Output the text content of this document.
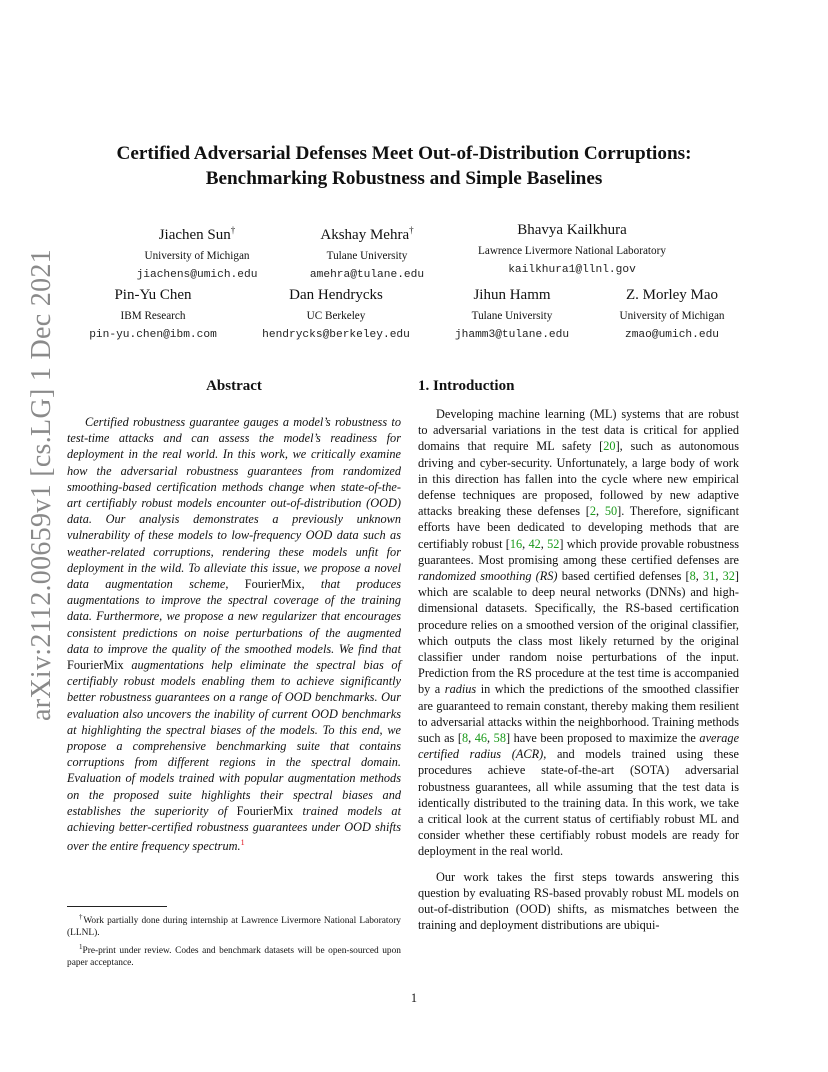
arXiv:2112.00659v1 [cs.LG] 1 Dec 2021
Certified Adversarial Defenses Meet Out-of-Distribution Corruptions:
Benchmarking Robustness and Simple Baselines
Jiachen Sun†
University of Michigan
jiachens@umich.edu
Akshay Mehra†
Tulane University
amehra@tulane.edu
Bhavya Kailkhura
Lawrence Livermore National Laboratory
kailkhura1@llnl.gov
Pin-Yu Chen
IBM Research
pin-yu.chen@ibm.com
Dan Hendrycks
UC Berkeley
hendrycks@berkeley.edu
Jihun Hamm
Tulane University
jhamm3@tulane.edu
Z. Morley Mao
University of Michigan
zmao@umich.edu
Abstract
Certified robustness guarantee gauges a model’s robustness to test-time attacks and can assess the model’s readiness for deployment in the real world. In this work, we critically examine how the adversarial robustness guarantees from randomized smoothing-based certification methods change when state-of-the-art certifiably robust models encounter out-of-distribution (OOD) data. Our analysis demonstrates a previously unknown vulnerability of these models to low-frequency OOD data such as weather-related corruptions, rendering these models unfit for deployment in the wild. To alleviate this issue, we propose a novel data augmentation scheme, FourierMix, that produces augmentations to improve the spectral coverage of the training data. Furthermore, we propose a new regularizer that encourages consistent predictions on noise perturbations of the augmented data to improve the quality of the smoothed models. We find that FourierMix augmentations help eliminate the spectral bias of certifiably robust models enabling them to achieve significantly better robustness guarantees on a range of OOD benchmarks. Our evaluation also uncovers the inability of current OOD benchmarks at highlighting the spectral biases of the models. To this end, we propose a comprehensive benchmarking suite that contains corruptions from different regions in the spectral domain. Evaluation of models trained with popular augmentation methods on the proposed suite highlights their spectral biases and establishes the superiority of FourierMix trained models at achieving better-certified robustness guarantees under OOD shifts over the entire frequency spectrum.$^1$
1. Introduction

Developing machine learning (ML) systems that are robust to adversarial variations in the test data is critical for applied domains that require ML safety [20], such as autonomous driving and cyber-security. Unfortunately, a large body of work in this direction has fallen into the cycle where new empirical defense techniques are proposed, followed by new adaptive attacks breaking these defenses [2, 50]. Therefore, significant efforts have been dedicated to developing methods that are certifiably robust [16, 42, 52] which provide provable robustness guarantees. Most promising among these certified defenses are randomized smoothing (RS) based certified defenses [8, 31, 32] which are scalable to deep neural networks (DNNs) and high-dimensional datasets. Specifically, the RS-based certification procedure relies on a smoothed version of the original classifier, which outputs the class most likely returned by the original classifier under random noise perturbations of the input. Prediction from the RS procedure at the test time is accompanied by a radius in which the predictions of the smoothed classifier are guaranteed to remain constant, thereby making them resilient to adversarial attacks within the neighborhood. Training methods such as [8, 46, 58] have been proposed to maximize the average certified radius (ACR), and models trained using these procedures achieve state-of-the-art (SOTA) adversarial robustness guarantees, all while assuming that the test data is identically distributed to the training data. In this work, we take a critical look at the current status of certifiably robust ML and consider whether these certifiably robust models are ready for deployment in the real world.

Our work takes the first steps towards answering this question by evaluating RS-based provably robust ML models on out-of-distribution (OOD) shifts, as mismatches between the training and deployment distributions are ubiqui-

†Work partially done during internship at Lawrence Livermore National Laboratory (LLNL).

$^1$Pre-print under review. Codes and benchmark datasets will be open-sourced upon paper acceptance.

1
